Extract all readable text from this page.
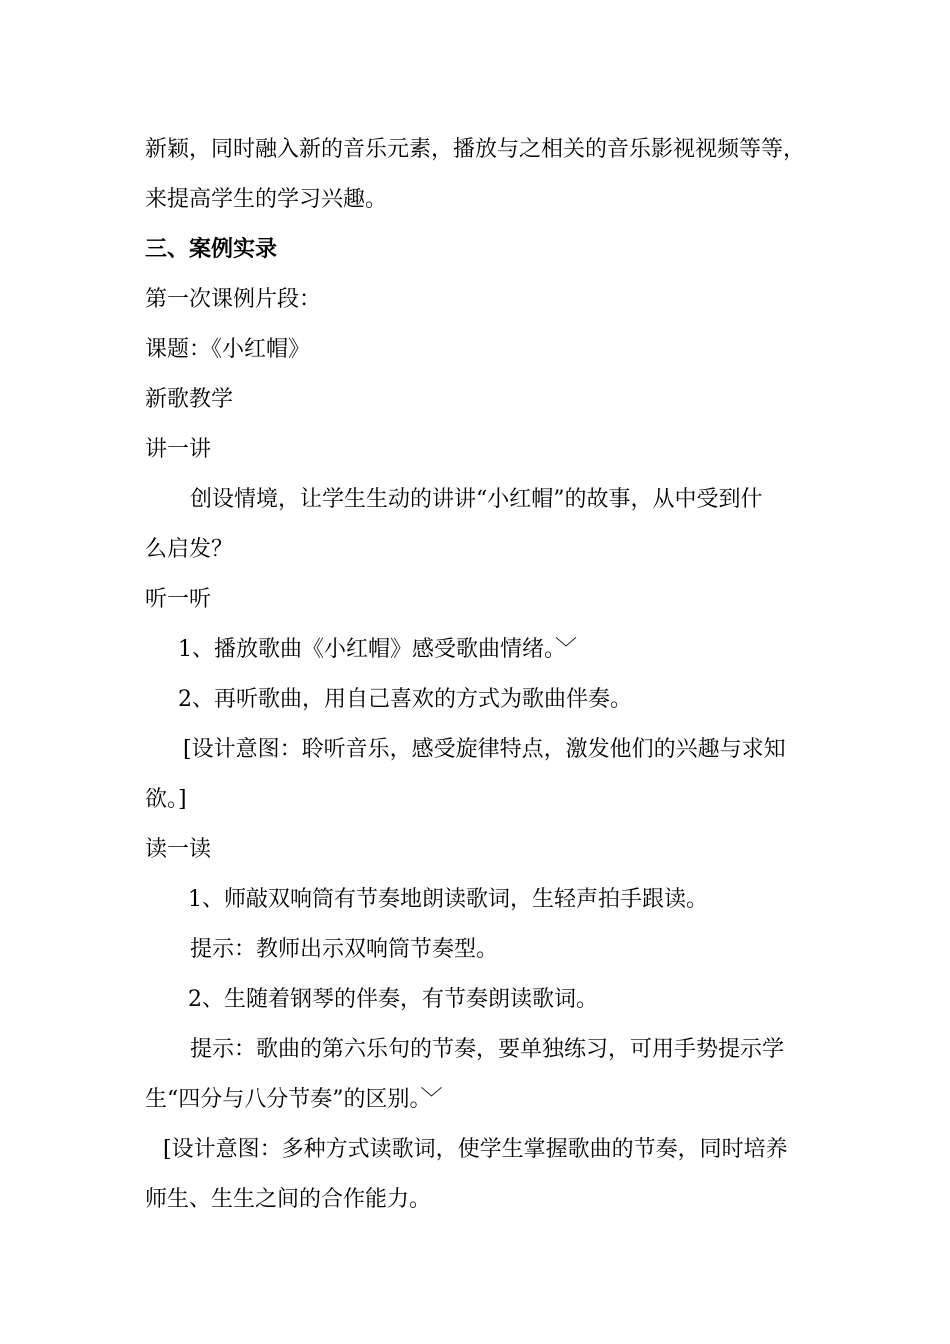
新颖，同时融入新的音乐元素，播放与之相关的音乐影视视频等等，
来提高学生的学习兴趣。
三、案例实录
第一次课例片段：
课题：《小红帽》
新歌教学
讲一讲
创设情境，让学生生动的讲讲“小红帽”的故事，从中受到什
么启发？
听一听
1、播放歌曲《小红帽》感受歌曲情绪。﹀
2、再听歌曲，用自己喜欢的方式为歌曲伴奏。
[设计意图：聆听音乐，感受旋律特点，激发他们的兴趣与求知
欲。]
读一读
1、师敲双响筒有节奏地朗读歌词，生轻声拍手跟读。
提示：教师出示双响筒节奏型。
2、生随着钢琴的伴奏，有节奏朗读歌词。
提示：歌曲的第六乐句的节奏，要单独练习，可用手势提示学
生“四分与八分节奏”的区别。﹀
[设计意图：多种方式读歌词，使学生掌握歌曲的节奏，同时培养
师生、生生之间的合作能力。
